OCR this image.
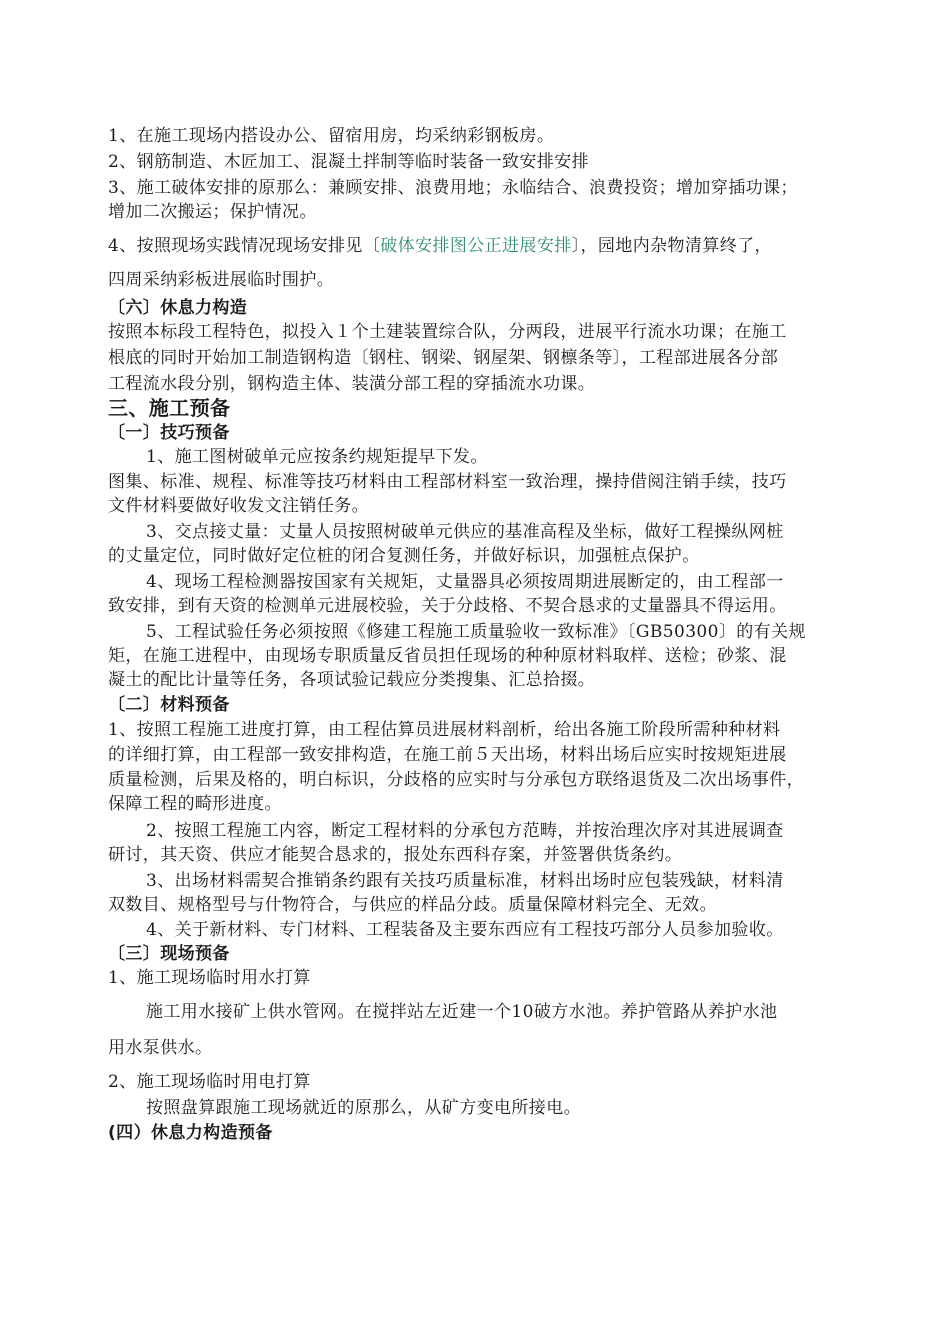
1、在施工现场内搭设办公、留宿用房，均采纳彩钢板房。
2、钢筋制造、木匠加工、混凝土拌制等临时装备一致安排安排
3、施工破体安排的原那么：兼顾安排、浪费用地；永临结合、浪费投资；增加穿插功课；
增加二次搬运；保护情况。
4、按照现场实践情况现场安排见〔破体安排图公正进展安排〕，园地内杂物清算终了，
四周采纳彩板进展临时围护。
〔六〕休息力构造
按照本标段工程特色，拟投入１个土建装置综合队，分两段，进展平行流水功课；在施工
根底的同时开始加工制造钢构造〔钢柱、钢梁、钢屋架、钢檩条等〕，工程部进展各分部
工程流水段分别，钢构造主体、装潢分部工程的穿插流水功课。
三、施工预备
〔一〕技巧预备
1、施工图树破单元应按条约规矩提早下发。
图集、标准、规程、标准等技巧材料由工程部材料室一致治理，操持借阅注销手续，技巧
文件材料要做好收发文注销任务。
3、交点接丈量：丈量人员按照树破单元供应的基准高程及坐标，做好工程操纵网桩
的丈量定位，同时做好定位桩的闭合复测任务，并做好标识，加强桩点保护。
4、现场工程检测器按国家有关规矩，丈量器具必须按周期进展断定的，由工程部一
致安排，到有天资的检测单元进展校验，关于分歧格、不契合恳求的丈量器具不得运用。
5、工程试验任务必须按照《修建工程施工质量验收一致标准》〔GB50300〕的有关规
矩，在施工进程中，由现场专职质量反省员担任现场的种种原材料取样、送检；砂浆、混
凝土的配比计量等任务，各项试验记载应分类搜集、汇总拾掇。
〔二〕材料预备
1、按照工程施工进度打算，由工程估算员进展材料剖析，给出各施工阶段所需种种材料
的详细打算，由工程部一致安排构造，在施工前５天出场，材料出场后应实时按规矩进展
质量检测，后果及格的，明白标识，分歧格的应实时与分承包方联络退货及二次出场事件，
保障工程的畸形进度。
2、按照工程施工内容，断定工程材料的分承包方范畴，并按治理次序对其进展调查
研讨，其天资、供应才能契合恳求的，报处东西科存案，并签署供货条约。
3、出场材料需契合推销条约跟有关技巧质量标准，材料出场时应包装残缺，材料清
双数目、规格型号与什物符合，与供应的样品分歧。质量保障材料完全、无效。
4、关于新材料、专门材料、工程装备及主要东西应有工程技巧部分人员参加验收。
〔三〕现场预备
1、施工现场临时用水打算
施工用水接矿上供水管网。在搅拌站左近建一个10破方水池。养护管路从养护水池
用水泵供水。
2、施工现场临时用电打算
按照盘算跟施工现场就近的原那么，从矿方变电所接电。
(四）休息力构造预备
